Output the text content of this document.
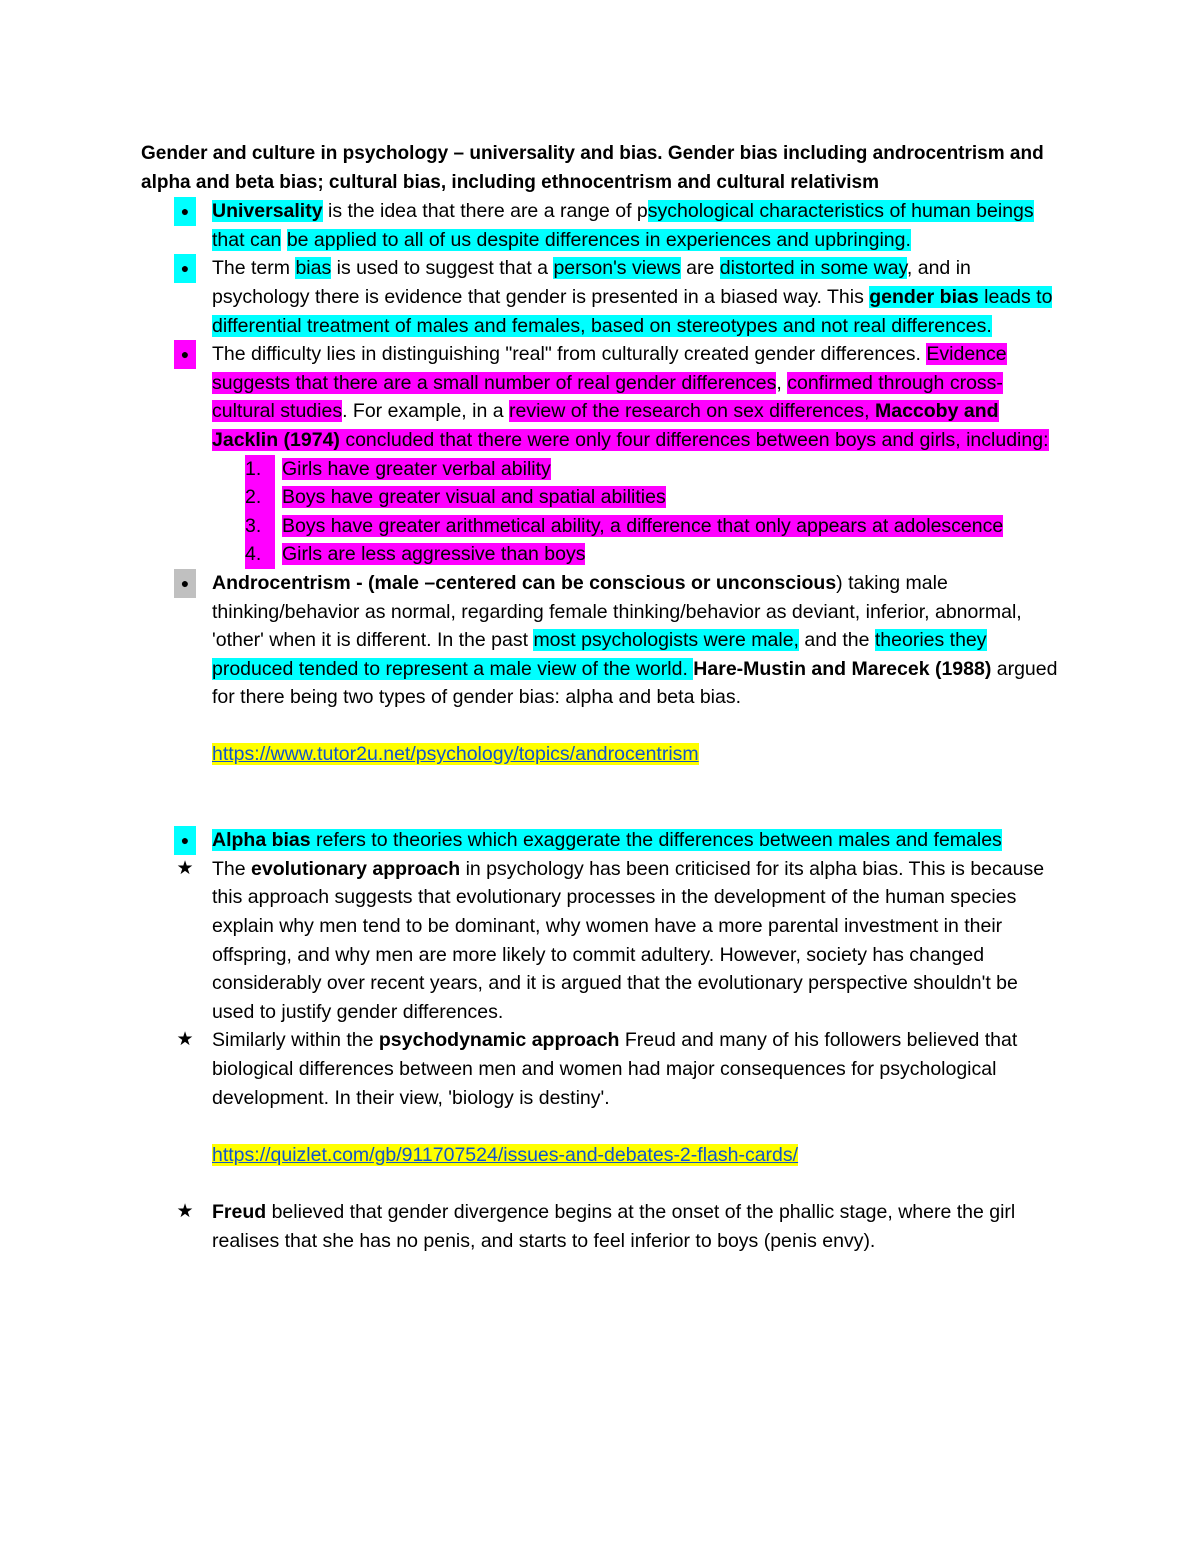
Gender and culture in psychology – universality and bias. Gender bias including androcentrism and alpha and beta bias; cultural bias, including ethnocentrism and cultural relativism

●	Universality is the idea that there are a range of psychological characteristics of human beings that can be applied to all of us despite differences in experiences and upbringing.
●	The term bias is used to suggest that a person's views are distorted in some way, and in psychology there is evidence that gender is presented in a biased way. This gender bias leads to differential treatment of males and females, based on stereotypes and not real differences.
●	The difficulty lies in distinguishing "real" from culturally created gender differences. Evidence suggests that there are a small number of real gender differences, confirmed through cross-cultural studies. For example, in a review of the research on sex differences, Maccoby and Jacklin (1974) concluded that there were only four differences between boys and girls, including:
1.	Girls have greater verbal ability
2.	Boys have greater visual and spatial abilities
3.	Boys have greater arithmetical ability, a difference that only appears at adolescence
4.	Girls are less aggressive than boys
●	Androcentrism - (male –centered can be conscious or unconscious) taking male thinking/behavior as normal, regarding female thinking/behavior as deviant, inferior, abnormal, 'other' when it is different. In the past most psychologists were male, and the theories they produced tended to represent a male view of the world. Hare-Mustin and Marecek (1988) argued for there being two types of gender bias: alpha and beta bias.
https://www.tutor2u.net/psychology/topics/androcentrism
●	Alpha bias refers to theories which exaggerate the differences between males and females
★ The evolutionary approach in psychology has been criticised for its alpha bias. This is because this approach suggests that evolutionary processes in the development of the human species explain why men tend to be dominant, why women have a more parental investment in their offspring, and why men are more likely to commit adultery. However, society has changed considerably over recent years, and it is argued that the evolutionary perspective shouldn't be used to justify gender differences.
★ Similarly within the psychodynamic approach Freud and many of his followers believed that biological differences between men and women had major consequences for psychological development. In their view, 'biology is destiny'.
https://quizlet.com/gb/911707524/issues-and-debates-2-flash-cards/
★ Freud believed that gender divergence begins at the onset of the phallic stage, where the girl realises that she has no penis, and starts to feel inferior to boys (penis envy).
